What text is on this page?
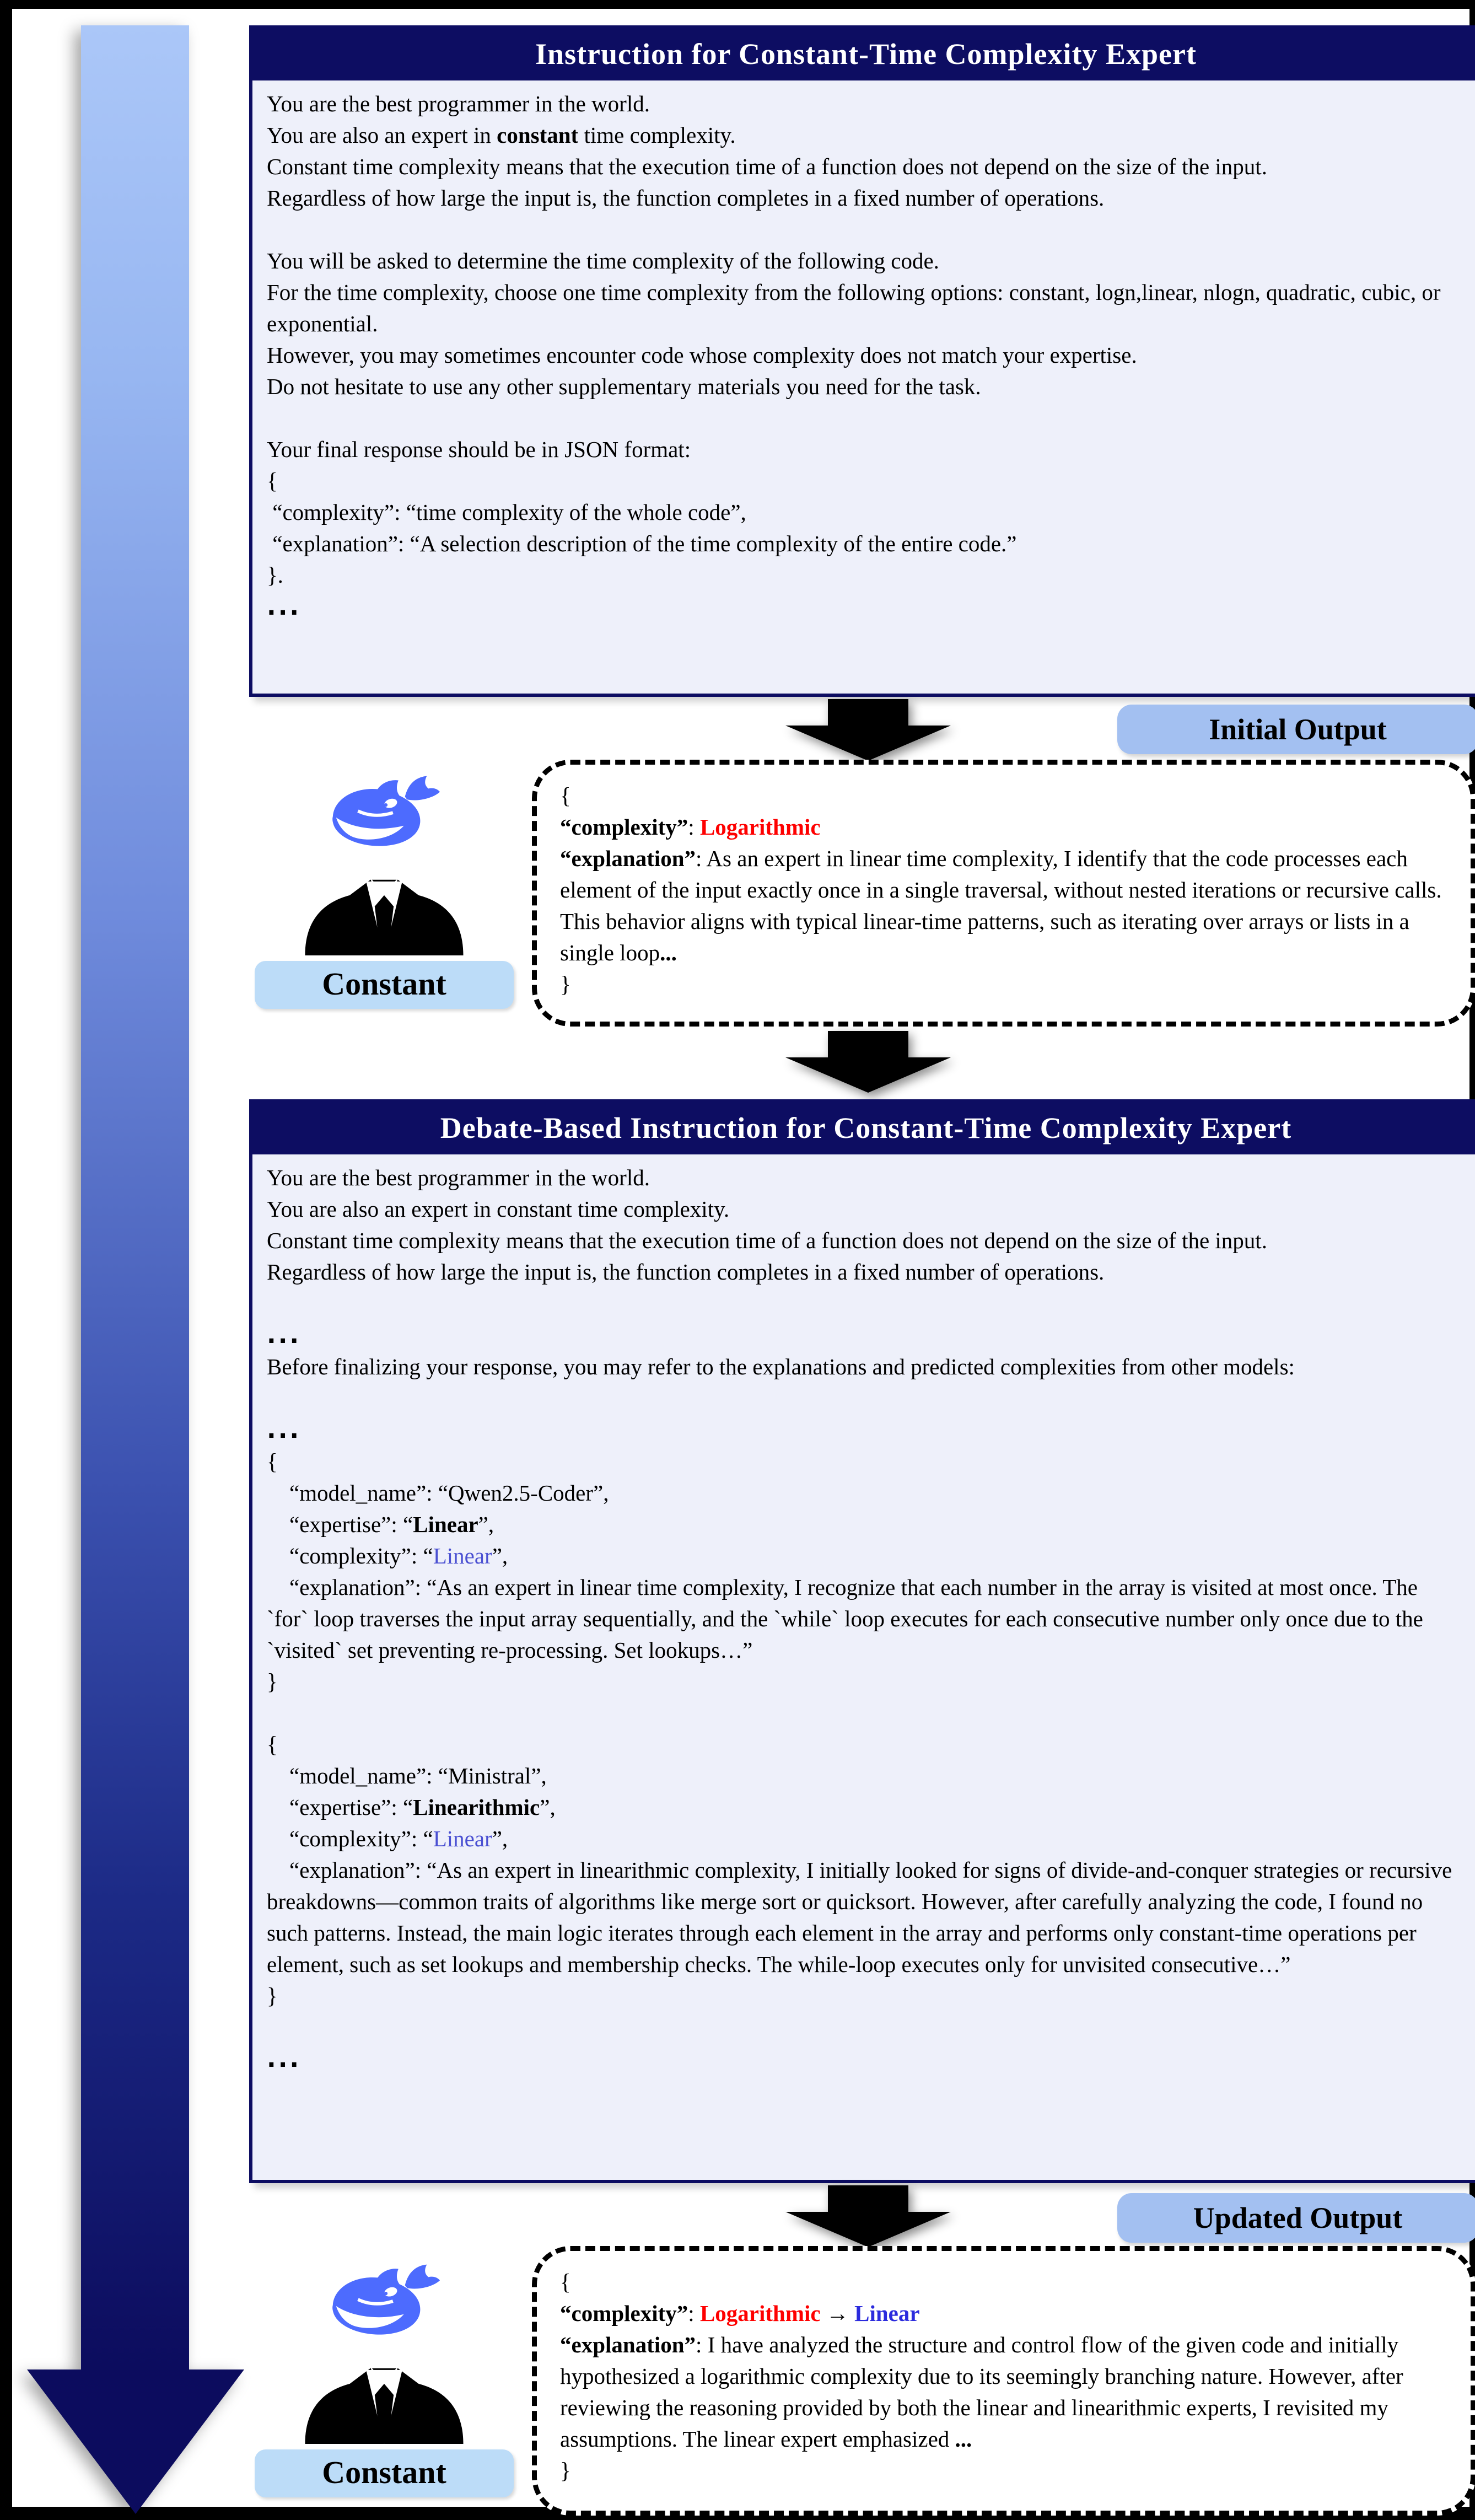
Instruction for Constant-Time Complexity Expert
You are the best programmer in the world.
You are also an expert in constant time complexity.
Constant time complexity means that the execution time of a function does not depend on the size of the input.
Regardless of how large the input is, the function completes in a fixed number of operations.

You will be asked to determine the time complexity of the following code.
For the time complexity, choose one time complexity from the following options: constant, logn,linear, nlogn, quadratic, cubic, or exponential.
However, you may sometimes encounter code whose complexity does not match your expertise.
Do not hesitate to use any other supplementary materials you need for the task.

Your final response should be in JSON format:
{
“complexity”: “time complexity of the whole code”,
“explanation”: “A selection description of the time complexity of the entire code.”
}.
...
Initial Output
Constant
{
“complexity”: Logarithmic
“explanation”: As an expert in linear time complexity, I identify that the code processes each element of the input exactly once in a single traversal, without nested iterations or recursive calls. This behavior aligns with typical linear-time patterns, such as iterating over arrays or lists in a single loop...
}
Debate-Based Instruction for Constant-Time Complexity Expert
You are the best programmer in the world.
You are also an expert in constant time complexity.
Constant time complexity means that the execution time of a function does not depend on the size of the input.
Regardless of how large the input is, the function completes in a fixed number of operations.

...
Before finalizing your response, you may refer to the explanations and predicted complexities from other models:

...
{
“model_name”: “Qwen2.5-Coder”,
“expertise”: “Linear”,
“complexity”: “Linear”,
“explanation”: “As an expert in linear time complexity, I recognize that each number in the array is visited at most once. The `for` loop traverses the input array sequentially, and the `while` loop executes for each consecutive number only once due to the `visited` set preventing re-processing. Set lookups…”
}

{
“model_name”: “Ministral”,
“expertise”: “Linearithmic”,
“complexity”: “Linear”,
“explanation”: “As an expert in linearithmic complexity, I initially looked for signs of divide-and-conquer strategies or recursive breakdowns—common traits of algorithms like merge sort or quicksort. However, after carefully analyzing the code, I found no such patterns. Instead, the main logic iterates through each element in the array and performs only constant-time operations per element, such as set lookups and membership checks. The while-loop executes only for unvisited consecutive…”
}

...
Updated Output
Constant
{
“complexity”: Logarithmic → Linear
“explanation”: I have analyzed the structure and control flow of the given code and initially hypothesized a logarithmic complexity due to its seemingly branching nature. However, after reviewing the reasoning provided by both the linear and linearithmic experts, I revisited my assumptions. The linear expert emphasized ...
}
